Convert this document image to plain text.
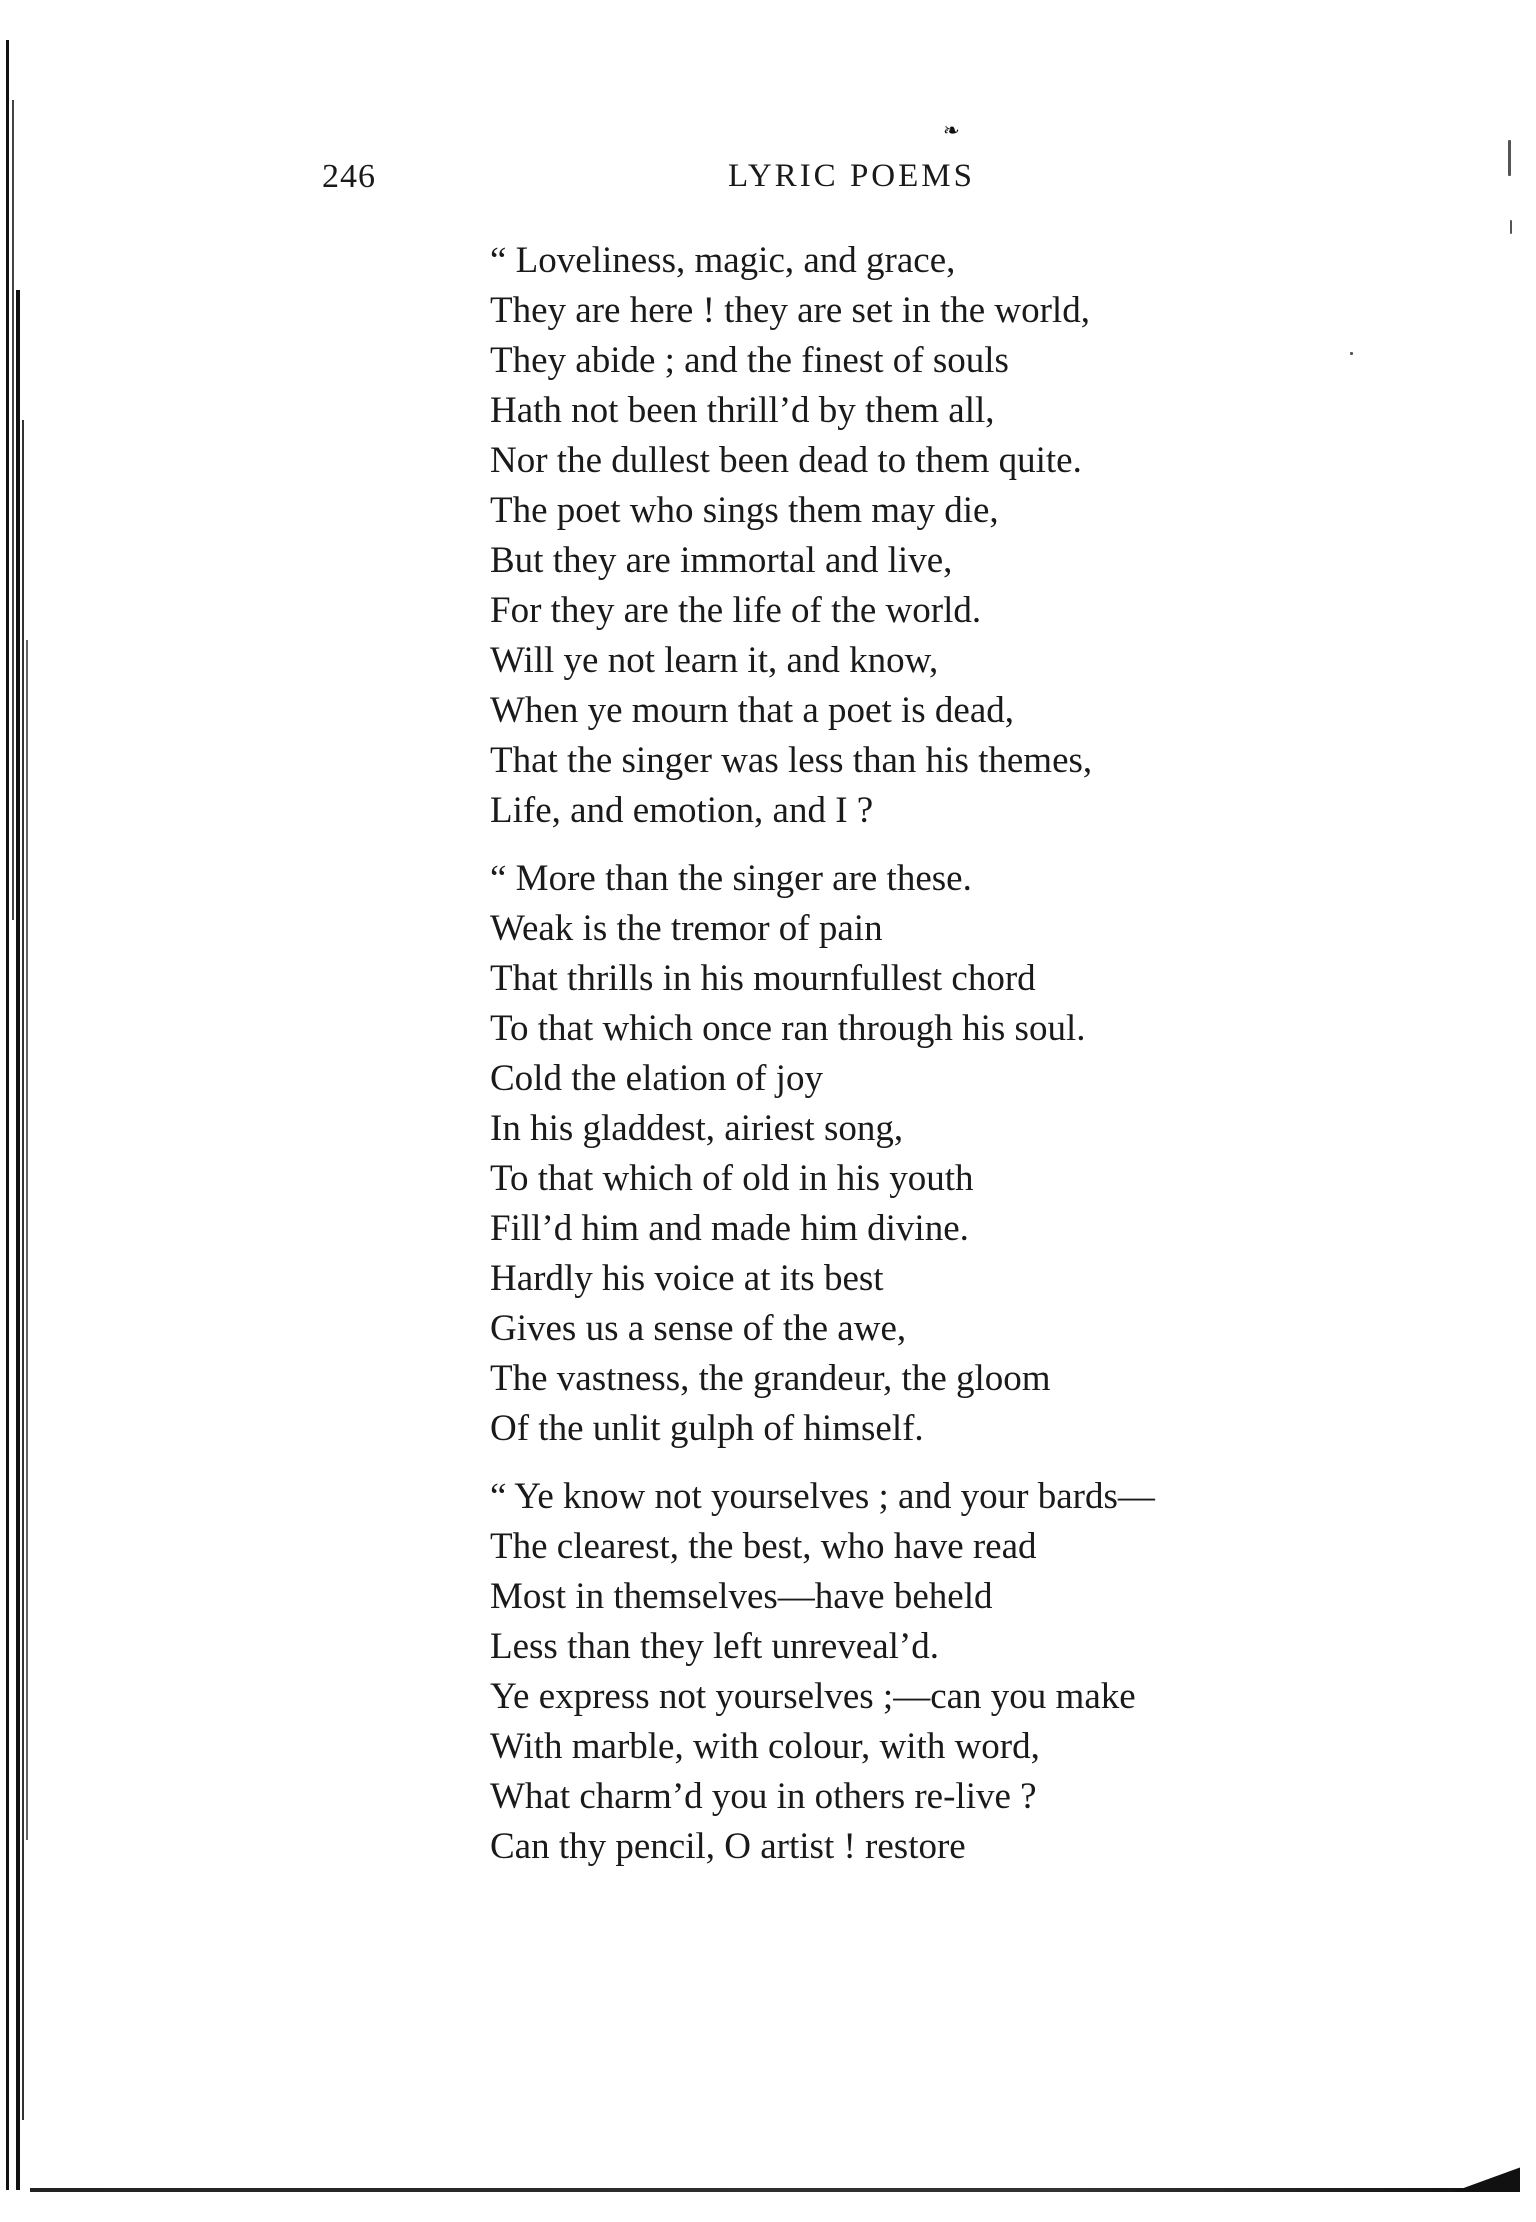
❧
246	LYRIC POEMS
“ Loveliness, magic, and grace,
They are here ! they are set in the world,
They abide ; and the finest of souls
Hath not been thrill’d by them all,
Nor the dullest been dead to them quite.
The poet who sings them may die,
But they are immortal and live,
For they are the life of the world.
Will ye not learn it, and know,
When ye mourn that a poet is dead,
That the singer was less than his themes,
Life, and emotion, and I ?
“ More than the singer are these.
Weak is the tremor of pain
That thrills in his mournfullest chord
To that which once ran through his soul.
Cold the elation of joy
In his gladdest, airiest song,
To that which of old in his youth
Fill’d him and made him divine.
Hardly his voice at its best
Gives us a sense of the awe,
The vastness, the grandeur, the gloom
Of the unlit gulph of himself.
“ Ye know not yourselves ; and your bards—
The clearest, the best, who have read
Most in themselves—have beheld
Less than they left unreveal’d.
Ye express not yourselves ;—can you make
With marble, with colour, with word,
What charm’d you in others re-live ?
Can thy pencil, O artist ! restore
